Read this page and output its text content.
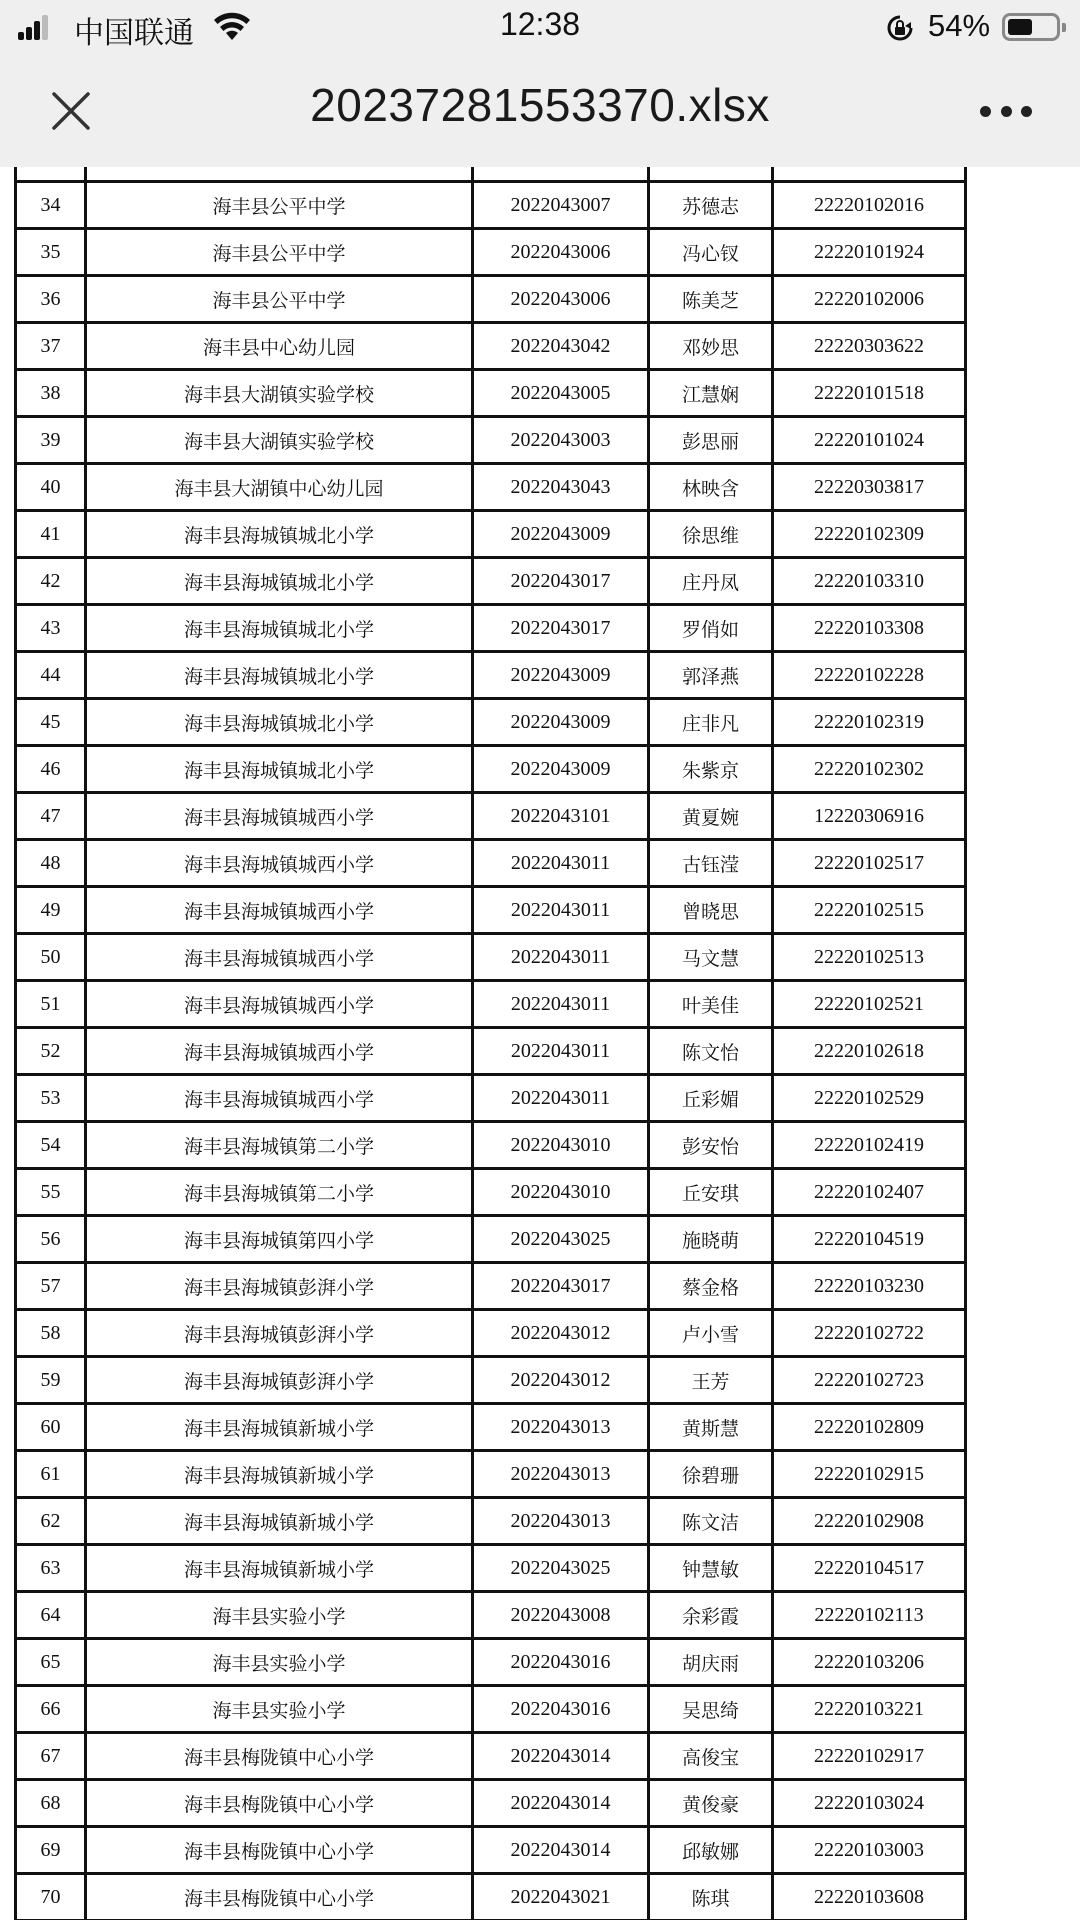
中国联通	12:38	54%
20237281553370.xlsx

34	海丰县公平中学	2022043007	苏德志	22220102016
35	海丰县公平中学	2022043006	冯心钗	22220101924
36	海丰县公平中学	2022043006	陈美芝	22220102006
37	海丰县中心幼儿园	2022043042	邓妙思	22220303622
38	海丰县大湖镇实验学校	2022043005	江慧娴	22220101518
39	海丰县大湖镇实验学校	2022043003	彭思丽	22220101024
40	海丰县大湖镇中心幼儿园	2022043043	林映含	22220303817
41	海丰县海城镇城北小学	2022043009	徐思维	22220102309
42	海丰县海城镇城北小学	2022043017	庄丹凤	22220103310
43	海丰县海城镇城北小学	2022043017	罗俏如	22220103308
44	海丰县海城镇城北小学	2022043009	郭泽燕	22220102228
45	海丰县海城镇城北小学	2022043009	庄非凡	22220102319
46	海丰县海城镇城北小学	2022043009	朱紫京	22220102302
47	海丰县海城镇城西小学	2022043101	黄夏婉	12220306916
48	海丰县海城镇城西小学	2022043011	古钰滢	22220102517
49	海丰县海城镇城西小学	2022043011	曾晓思	22220102515
50	海丰县海城镇城西小学	2022043011	马文慧	22220102513
51	海丰县海城镇城西小学	2022043011	叶美佳	22220102521
52	海丰县海城镇城西小学	2022043011	陈文怡	22220102618
53	海丰县海城镇城西小学	2022043011	丘彩媚	22220102529
54	海丰县海城镇第二小学	2022043010	彭安怡	22220102419
55	海丰县海城镇第二小学	2022043010	丘安琪	22220102407
56	海丰县海城镇第四小学	2022043025	施晓萌	22220104519
57	海丰县海城镇彭湃小学	2022043017	蔡金格	22220103230
58	海丰县海城镇彭湃小学	2022043012	卢小雪	22220102722
59	海丰县海城镇彭湃小学	2022043012	王芳	22220102723
60	海丰县海城镇新城小学	2022043013	黄斯慧	22220102809
61	海丰县海城镇新城小学	2022043013	徐碧珊	22220102915
62	海丰县海城镇新城小学	2022043013	陈文洁	22220102908
63	海丰县海城镇新城小学	2022043025	钟慧敏	22220104517
64	海丰县实验小学	2022043008	余彩霞	22220102113
65	海丰县实验小学	2022043016	胡庆雨	22220103206
66	海丰县实验小学	2022043016	吴思绮	22220103221
67	海丰县梅陇镇中心小学	2022043014	高俊宝	22220102917
68	海丰县梅陇镇中心小学	2022043014	黄俊豪	22220103024
69	海丰县梅陇镇中心小学	2022043014	邱敏娜	22220103003
70	海丰县梅陇镇中心小学	2022043021	陈琪	22220103608
